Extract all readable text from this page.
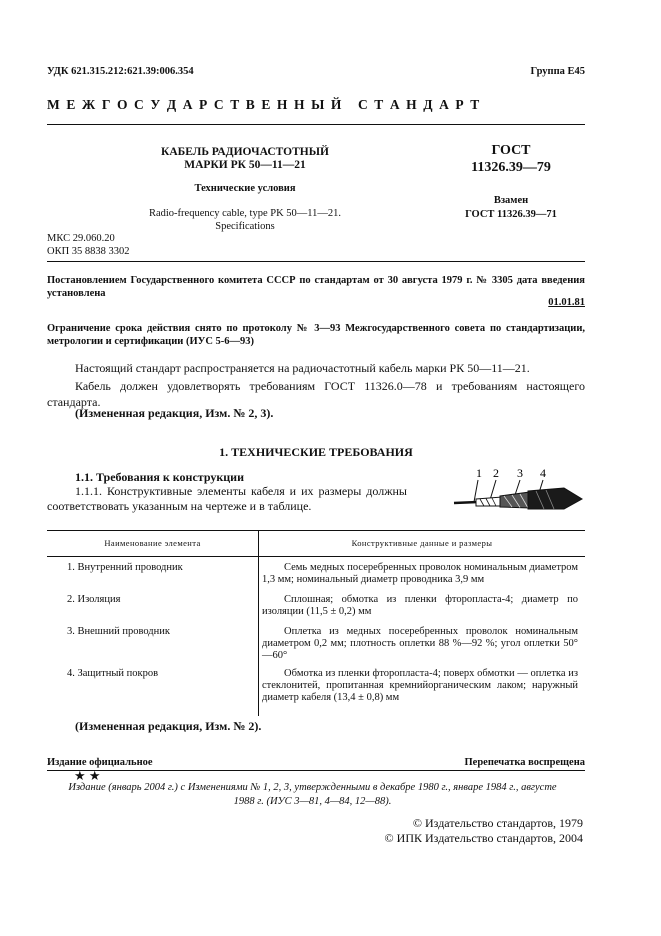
УДК 621.315.212:621.39:006.354	Группа Е45
М Е Ж Г О С У Д А Р С Т В Е Н Н Ы Й   С Т А Н Д А Р Т
КАБЕЛЬ РАДИОЧАСТОТНЫЙ
МАРКИ РК 50—11—21
Технические условия
Radio-frequency cable, type PK 50—11—21.
Specifications
ГОСТ
11326.39—79
Взамен
ГОСТ 11326.39—71
МКС 29.060.20
ОКП 35 8838 3302
Постановлением Государственного комитета СССР по стандартам от 30 августа 1979 г. № 3305 дата введения установлена
01.01.81
Ограничение срока действия снято по протоколу № 3—93 Межгосударственного совета по стандартизации, метрологии и сертификации (ИУС 5-6—93)
Настоящий стандарт распространяется на радиочастотный кабель марки РК 50—11—21.
Кабель должен удовлетворять требованиям ГОСТ 11326.0—78 и требованиям настоящего стандарта.
(Измененная редакция, Изм. № 2, 3).
1. ТЕХНИЧЕСКИЕ ТРЕБОВАНИЯ
1.1. Требования к конструкции
1.1.1. Конструктивные элементы кабеля и их размеры должны соответствовать указанным на чертеже и в таблице.
1 2 3 4
Наименование элемента	Конструктивные данные и размеры
1. Внутренний проводник	Семь медных посеребренных проволок номинальным диаметром 1,3 мм; номинальный диаметр проводника 3,9 мм
2. Изоляция	Сплошная; обмотка из пленки фторопласта-4; диаметр по изоляции (11,5 ± 0,2) мм
3. Внешний проводник	Оплетка из медных посеребренных проволок номинальным диаметром 0,2 мм; плотность оплетки 88 %—92 %; угол оплетки 50°—60°
4. Защитный покров	Обмотка из пленки фторопласта-4; поверх обмотки — оплетка из стеклонитей, пропитанная кремнийорганическим лаком; наружный диаметр кабеля (13,4 ± 0,8) мм
(Измененная редакция, Изм. № 2).
Издание официальное	Перепечатка воспрещена
★ ★
Издание (январь 2004 г.) с Изменениями № 1, 2, 3, утвержденными в декабре 1980 г., январе 1984 г., августе 1988 г. (ИУС 3—81, 4—84, 12—88).
© Издательство стандартов, 1979
© ИПК Издательство стандартов, 2004
